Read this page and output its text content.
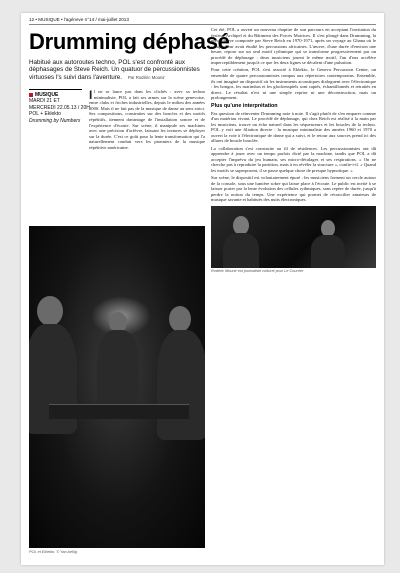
12 • MUSIQUE • l'agéneve n°14 / mai-juillet 2013
Drumming déphasé

Habitué aux autoroutes techno, POL s'est confronté aux déphasages de Steve Reich. Un quatuor de percussionnistes virtuoses l's suivi dans l'aventure. Par Rodéric Mounir

MUSIQUE
MARDI 21 ET
MERCREDI 22.05.13 / 20H
POL + Eklekto
Drumming by Numbers

Il ne se lance pas dans les clichés : avec sa techno minimaliste, POL a fait ses armes sur la scène genevoise, entre clubs et friches industrielles, depuis le milieu des années 2000. Mais il ne fait pas de la musique de danse au sens strict. Ses compositions, construites sur des boucles et des motifs répétitifs, tiennent davantage de l'installation sonore et de l'expérience d'écoute. Sur scène, il manipule ses machines avec une précision d'orfèvre, laissant les textures se déployer sur la durée. C'est ce goût pour la lente transformation qui l'a naturellement conduit vers les pionniers de la musique répétitive américaine.

POL et Eklekto. © Yan Aellig

Cet été, POL a ouvert un nouveau chapitre de son parcours en acceptant l'invitation du festival Archipel et du Bâtiment des Forces Motrices. Il s'est plongé dans Drumming, la pièce-fleuve composée par Steve Reich en 1970-1971, après un voyage au Ghana où le compositeur avait étudié les percussions africaines. L'œuvre, d'une durée d'environ une heure, repose sur un seul motif rythmique qui se transforme progressivement par un procédé de déphasage : deux musiciens jouent le même motif, l'un d'eux accélère imperceptiblement jusqu'à ce que les deux lignes se décalent d'une pulsation.

Pour cette création, POL s'est associé à Eklekto, le Geneva Percussion Center, un ensemble de quatre percussionnistes rompus aux répertoires contemporains. Ensemble, ils ont imaginé un dispositif où les instruments acoustiques dialoguent avec l'électronique : les bongos, les marimbas et les glockenspiels sont captés, échantillonnés et retraités en direct. Le résultat n'est ni une simple reprise ni une déconstruction, mais un prolongement.

Plus qu'une interprétation

Pas question de réinventer Drumming note à note. Il s'agit plutôt de s'en emparer comme d'un matériau vivant. Le procédé de déphasage, qui chez Reich est réalisé à la main par les musiciens, trouve un écho naturel dans les séquenceurs et les boucles de la techno. POL y voit une filiation directe : la musique minimaliste des années 1960 et 1970 a ouvert la voie à l'électronique de danse qui a suivi, et le retour aux sources prend ici des allures de boucle bouclée.

La collaboration s'est construite au fil de résidences. Les percussionnistes ont dû apprendre à jouer avec un tempo parfois dicté par la machine, tandis que POL a dû accepter l'imprévu du jeu humain, ses micro-décalages et ses respirations. « On ne cherche pas à reproduire la partition, mais à en révéler la structure », confie-t-il. « Quand les motifs se superposent, il se passe quelque chose de presque hypnotique. »

Sur scène, le dispositif est volontairement épuré : les musiciens forment un cercle autour de la console, sous une lumière sobre qui laisse place à l'écoute. Le public est invité à se laisser porter par la lente évolution des cellules rythmiques, sans repère de durée, jusqu'à perdre la notion du temps. Une expérience qui promet de réconcilier amateurs de musique savante et habitués des nuits électroniques.

Rodéric Mounir est journaliste culturel pour Le Courrier
